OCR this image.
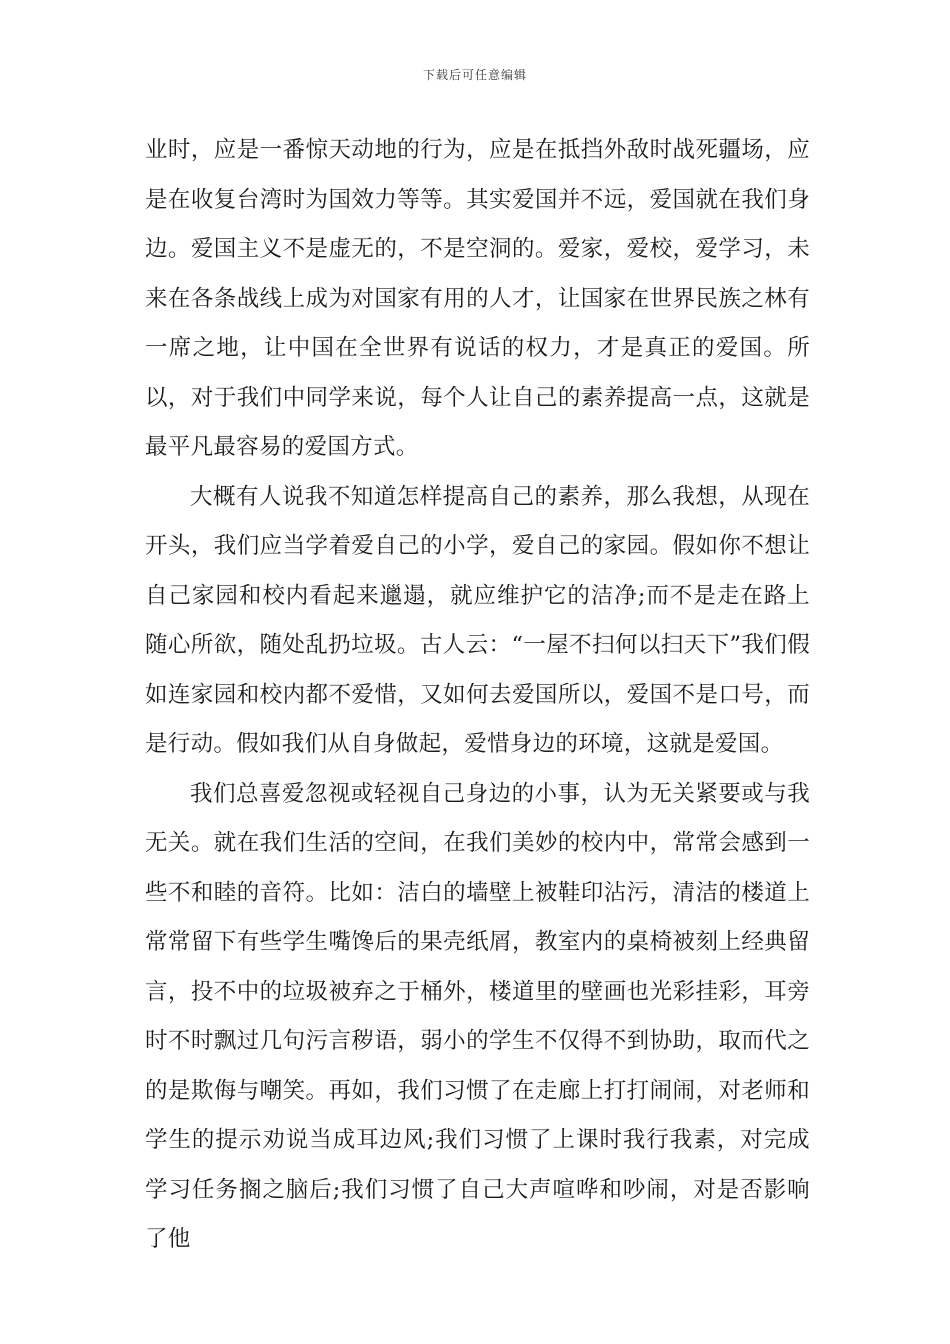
下载后可任意编辑

业时，应是一番惊天动地的行为，应是在抵挡外敌时战死疆场，应是在收复台湾时为国效力等等。其实爱国并不远，爱国就在我们身边。爱国主义不是虚无的，不是空洞的。爱家，爱校，爱学习，未来在各条战线上成为对国家有用的人才，让国家在世界民族之林有一席之地，让中国在全世界有说话的权力，才是真正的爱国。所以，对于我们中同学来说，每个人让自己的素养提高一点，这就是最平凡最容易的爱国方式。

大概有人说我不知道怎样提高自己的素养，那么我想，从现在开头，我们应当学着爱自己的小学，爱自己的家园。假如你不想让自己家园和校内看起来邋遢，就应维护它的洁净;而不是走在路上随心所欲，随处乱扔垃圾。古人云：“一屋不扫何以扫天下”我们假如连家园和校内都不爱惜，又如何去爱国所以，爱国不是口号，而是行动。假如我们从自身做起，爱惜身边的环境，这就是爱国。

我们总喜爱忽视或轻视自己身边的小事，认为无关紧要或与我无关。就在我们生活的空间，在我们美妙的校内中，常常会感到一些不和睦的音符。比如：洁白的墙壁上被鞋印沾污，清洁的楼道上常常留下有些学生嘴馋后的果壳纸屑，教室内的桌椅被刻上经典留言，投不中的垃圾被弃之于桶外，楼道里的壁画也光彩挂彩，耳旁时不时飘过几句污言秽语，弱小的学生不仅得不到协助，取而代之的是欺侮与嘲笑。再如，我们习惯了在走廊上打打闹闹，对老师和学生的提示劝说当成耳边风;我们习惯了上课时我行我素，对完成学习任务搁之脑后;我们习惯了自己大声喧哗和吵闹，对是否影响了他
